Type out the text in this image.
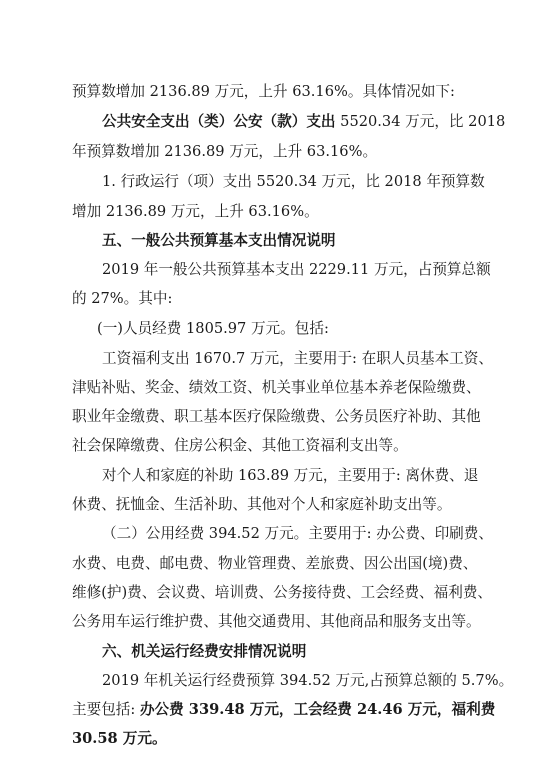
预算数增加 2136.89 万元，上升 63.16%。具体情况如下:
公共安全支出（类）公安（款）支出 5520.34 万元，比 2018
年预算数增加 2136.89 万元，上升 63.16%。
1. 行政运行（项）支出 5520.34 万元，比 2018 年预算数
增加 2136.89 万元，上升 63.16%。
五、一般公共预算基本支出情况说明
2019 年一般公共预算基本支出 2229.11 万元，占预算总额
的 27%。其中:
(一)人员经费 1805.97 万元。包括:
工资福利支出 1670.7 万元，主要用于: 在职人员基本工资、
津贴补贴、奖金、绩效工资、机关事业单位基本养老保险缴费、
职业年金缴费、职工基本医疗保险缴费、公务员医疗补助、其他
社会保障缴费、住房公积金、其他工资福利支出等。
对个人和家庭的补助 163.89 万元，主要用于: 离休费、退
休费、抚恤金、生活补助、其他对个人和家庭补助支出等。
（二）公用经费 394.52 万元。主要用于: 办公费、印刷费、
水费、电费、邮电费、物业管理费、差旅费、因公出国(境)费、
维修(护)费、会议费、培训费、公务接待费、工会经费、福利费、
公务用车运行维护费、其他交通费用、其他商品和服务支出等。
六、机关运行经费安排情况说明
2019 年机关运行经费预算 394.52 万元,占预算总额的 5.7%。
主要包括: 办公费 339.48 万元，工会经费 24.46 万元，福利费
30.58 万元。
